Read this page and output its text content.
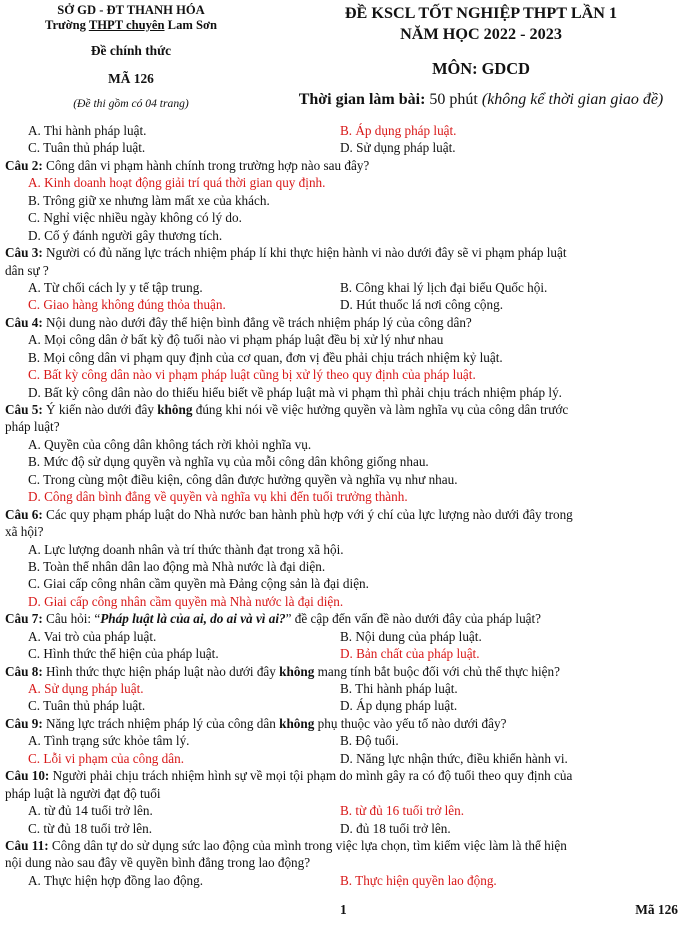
SỞ GD - ĐT THANH HÓA
Trường THPT chuyên Lam Sơn
Đề chính thức
MÃ 126
(Đề thi gồm có 04 trang)
ĐỀ KSCL TỐT NGHIỆP THPT LẦN 1
NĂM HỌC 2022 - 2023
MÔN: GDCD
Thời gian làm bài: 50 phút (không kể thời gian giao đề)
A. Thi hành pháp luật.	B. Áp dụng pháp luật.
C. Tuân thủ pháp luật.	D. Sử dụng pháp luật.
Câu 2: Công dân vi phạm hành chính trong trường hợp nào sau đây?
A. Kinh doanh hoạt động giải trí quá thời gian quy định.
B. Trông giữ xe nhưng làm mất xe của khách.
C. Nghỉ việc nhiều ngày không có lý do.
D. Cố ý đánh người gây thương tích.
Câu 3: Người có đủ năng lực trách nhiệm pháp lí khi thực hiện hành vi nào dưới đây sẽ vi phạm pháp luật
dân sự ?
A. Từ chối cách ly y tế tập trung.	B. Công khai lý lịch đại biểu Quốc hội.
C. Giao hàng không đúng thỏa thuận.	D. Hút thuốc lá nơi công cộng.
Câu 4: Nội dung nào dưới đây thể hiện bình đẳng về trách nhiệm pháp lý của công dân?
A. Mọi công dân ở bất kỳ độ tuổi nào vi phạm pháp luật đều bị xử lý như nhau
B. Mọi công dân vi phạm quy định của cơ quan, đơn vị đều phải chịu trách nhiệm kỷ luật.
C. Bất kỳ công dân nào vi phạm pháp luật cũng bị xử lý theo quy định của pháp luật.
D. Bất kỳ công dân nào do thiếu hiểu biết về pháp luật mà vi phạm thì phải chịu trách nhiệm pháp lý.
Câu 5: Ý kiến nào dưới đây không đúng khi nói về việc hưởng quyền và làm nghĩa vụ của công dân trước
pháp luật?
A. Quyền của công dân không tách rời khỏi nghĩa vụ.
B. Mức độ sử dụng quyền và nghĩa vụ của mỗi công dân không giống nhau.
C. Trong cùng một điều kiện, công dân được hưởng quyền và nghĩa vụ như nhau.
D. Công dân bình đẳng về quyền và nghĩa vụ khi đến tuổi trưởng thành.
Câu 6: Các quy phạm pháp luật do Nhà nước ban hành phù hợp với ý chí của lực lượng nào dưới đây trong
xã hội?
A. Lực lượng doanh nhân và trí thức thành đạt trong xã hội.
B. Toàn thể nhân dân lao động mà Nhà nước là đại diện.
C. Giai cấp công nhân cầm quyền mà Đảng cộng sản là đại diện.
D. Giai cấp công nhân cầm quyền mà Nhà nước là đại diện.
Câu 7: Câu hỏi: “Pháp luật là của ai, do ai và vì ai?” đề cập đến vấn đề nào dưới đây của pháp luật?
A. Vai trò của pháp luật.	B. Nội dung của pháp luật.
C. Hình thức thể hiện của pháp luật.	D. Bản chất của pháp luật.
Câu 8: Hình thức thực hiện pháp luật nào dưới đây không mang tính bắt buộc đối với chủ thể thực hiện?
A. Sử dụng pháp luật.	B. Thi hành pháp luật.
C. Tuân thủ pháp luật.	D. Áp dụng pháp luật.
Câu 9: Năng lực trách nhiệm pháp lý của công dân không phụ thuộc vào yếu tố nào dưới đây?
A. Tình trạng sức khỏe tâm lý.	B. Độ tuổi.
C. Lỗi vi phạm của công dân.	D. Năng lực nhận thức, điều khiển hành vi.
Câu 10: Người phải chịu trách nhiệm hình sự về mọi tội phạm do mình gây ra có độ tuổi theo quy định của
pháp luật là người đạt độ tuổi
A. từ đủ 14 tuổi trở lên.	B. từ đủ 16 tuổi trở lên.
C. từ đủ 18 tuổi trở lên.	D. đủ 18 tuổi trở lên.
Câu 11: Công dân tự do sử dụng sức lao động của mình trong việc lựa chọn, tìm kiếm việc làm là thể hiện
nội dung nào sau đây về quyền bình đẳng trong lao động?
A. Thực hiện hợp đồng lao động.	B. Thực hiện quyền lao động.
1	Mã 126
